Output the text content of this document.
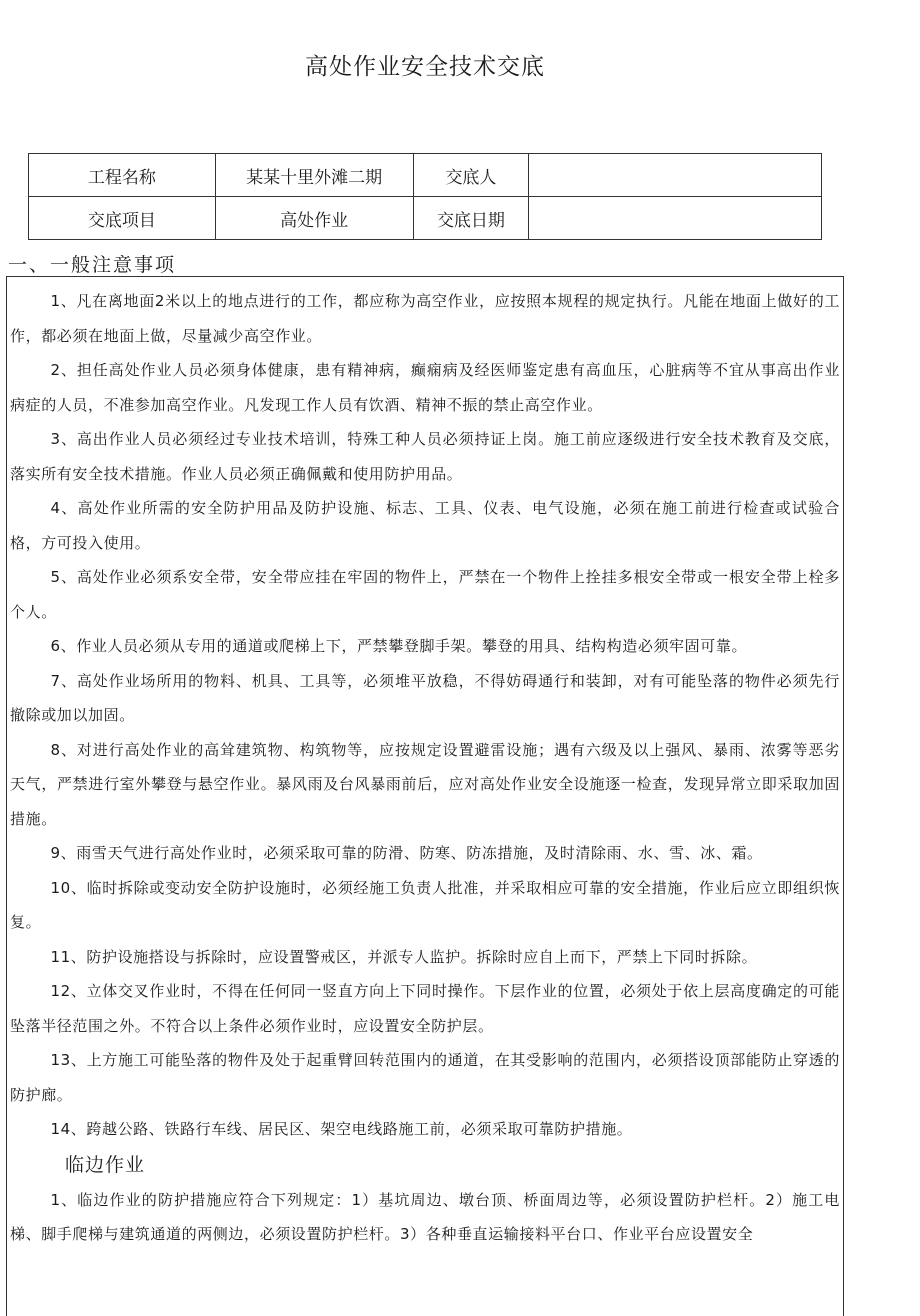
高处作业安全技术交底
工程名称	某某十里外滩二期	交底人	
交底项目	高处作业	交底日期	
一、一般注意事项

1、凡在离地面2米以上的地点进行的工作，都应称为高空作业，应按照本规程的规定执行。凡能在地面上做好的工作，都必须在地面上做，尽量减少高空作业。

2、担任高处作业人员必须身体健康，患有精神病，癫痫病及经医师鉴定患有高血压，心脏病等不宜从事高出作业病症的人员，不准参加高空作业。凡发现工作人员有饮酒、精神不振的禁止高空作业。

3、高出作业人员必须经过专业技术培训，特殊工种人员必须持证上岗。施工前应逐级进行安全技术教育及交底，落实所有安全技术措施。作业人员必须正确佩戴和使用防护用品。

4、高处作业所需的安全防护用品及防护设施、标志、工具、仪表、电气设施，必须在施工前进行检查或试验合格，方可投入使用。

5、高处作业必须系安全带，安全带应挂在牢固的物件上，严禁在一个物件上拴挂多根安全带或一根安全带上栓多个人。

6、作业人员必须从专用的通道或爬梯上下，严禁攀登脚手架。攀登的用具、结构构造必须牢固可靠。

7、高处作业场所用的物料、机具、工具等，必须堆平放稳，不得妨碍通行和装卸，对有可能坠落的物件必须先行撤除或加以加固。

8、对进行高处作业的高耸建筑物、构筑物等，应按规定设置避雷设施；遇有六级及以上强风、暴雨、浓雾等恶劣天气，严禁进行室外攀登与悬空作业。暴风雨及台风暴雨前后，应对高处作业安全设施逐一检查，发现异常立即采取加固措施。

9、雨雪天气进行高处作业时，必须采取可靠的防滑、防寒、防冻措施，及时清除雨、水、雪、冰、霜。

10、临时拆除或变动安全防护设施时，必须经施工负责人批准，并采取相应可靠的安全措施，作业后应立即组织恢复。

11、防护设施搭设与拆除时，应设置警戒区，并派专人监护。拆除时应自上而下，严禁上下同时拆除。

12、立体交叉作业时，不得在任何同一竖直方向上下同时操作。下层作业的位置，必须处于依上层高度确定的可能坠落半径范围之外。不符合以上条件必须作业时，应设置安全防护层。

13、上方施工可能坠落的物件及处于起重臂回转范围内的通道，在其受影响的范围内，必须搭设顶部能防止穿透的防护廊。

14、跨越公路、铁路行车线、居民区、架空电线路施工前，必须采取可靠防护措施。

临边作业

1、临边作业的防护措施应符合下列规定：1）基坑周边、墩台顶、桥面周边等，必须设置防护栏杆。2）施工电梯、脚手爬梯与建筑通道的两侧边，必须设置防护栏杆。3）各种垂直运输接料平台口、作业平台应设置安全
